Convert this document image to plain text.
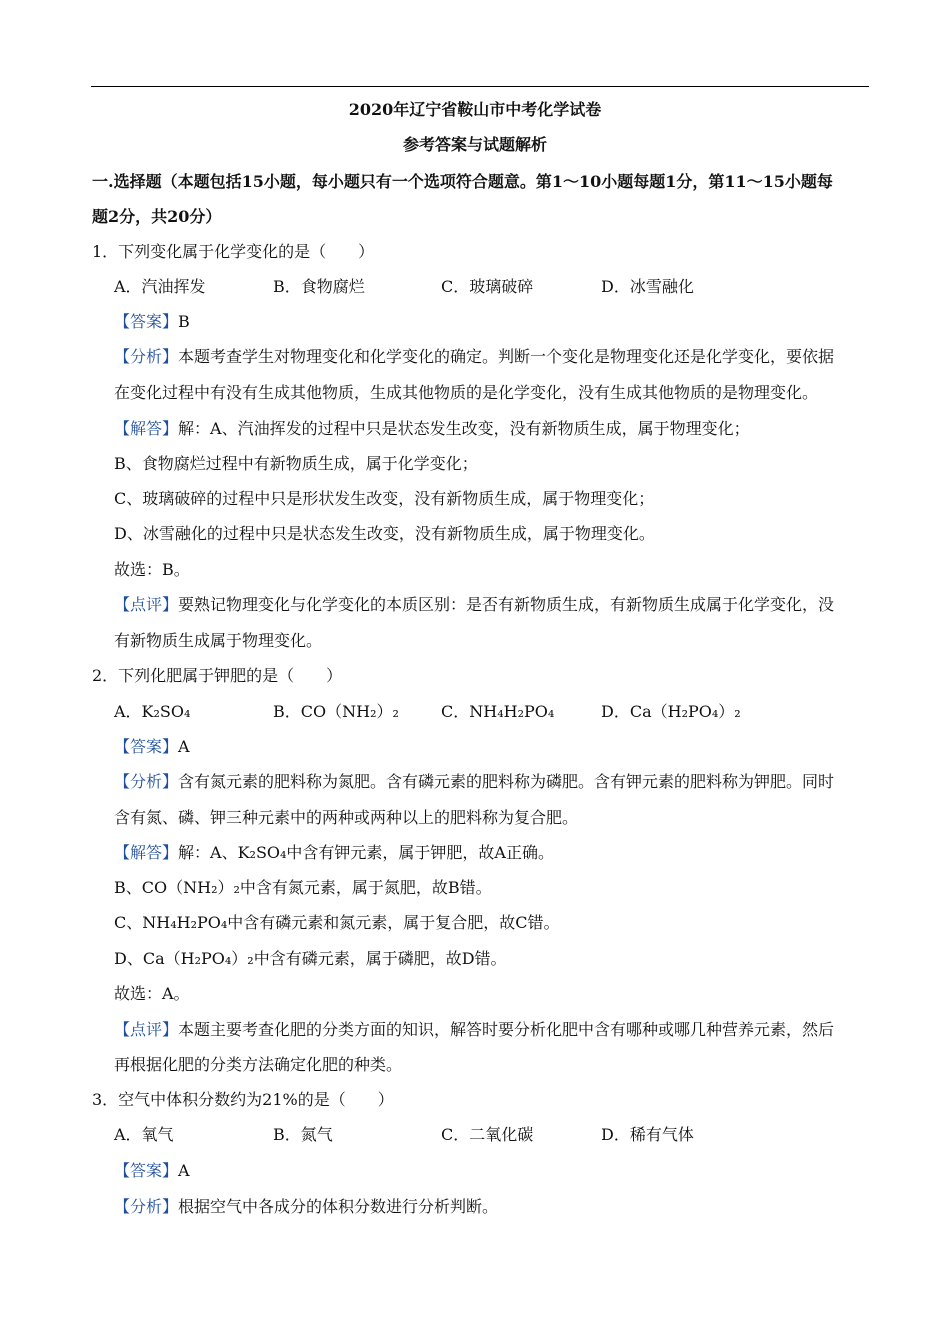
2020年辽宁省鞍山市中考化学试卷
参考答案与试题解析
一.选择题（本题包括15小题，每小题只有一个选项符合题意。第1～10小题每题1分，第11～15小题每
题2分，共20分）
1．下列变化属于化学变化的是（　　）
A．汽油挥发	B．食物腐烂	C．玻璃破碎	D．冰雪融化
【答案】B
【分析】本题考查学生对物理变化和化学变化的确定。判断一个变化是物理变化还是化学变化，要依据
在变化过程中有没有生成其他物质，生成其他物质的是化学变化，没有生成其他物质的是物理变化。
【解答】解：A、汽油挥发的过程中只是状态发生改变，没有新物质生成，属于物理变化；
B、食物腐烂过程中有新物质生成，属于化学变化；
C、玻璃破碎的过程中只是形状发生改变，没有新物质生成，属于物理变化；
D、冰雪融化的过程中只是状态发生改变，没有新物质生成，属于物理变化。
故选：B。
【点评】要熟记物理变化与化学变化的本质区别：是否有新物质生成，有新物质生成属于化学变化，没
有新物质生成属于物理变化。
2．下列化肥属于钾肥的是（　　）
A．K₂SO₄	B．CO（NH₂）₂	C．NH₄H₂PO₄	D．Ca（H₂PO₄）₂
【答案】A
【分析】含有氮元素的肥料称为氮肥。含有磷元素的肥料称为磷肥。含有钾元素的肥料称为钾肥。同时
含有氮、磷、钾三种元素中的两种或两种以上的肥料称为复合肥。
【解答】解：A、K₂SO₄中含有钾元素，属于钾肥，故A正确。
B、CO（NH₂）₂中含有氮元素，属于氮肥，故B错。
C、NH₄H₂PO₄中含有磷元素和氮元素，属于复合肥，故C错。
D、Ca（H₂PO₄）₂中含有磷元素，属于磷肥，故D错。
故选：A。
【点评】本题主要考查化肥的分类方面的知识，解答时要分析化肥中含有哪种或哪几种营养元素，然后
再根据化肥的分类方法确定化肥的种类。
3．空气中体积分数约为21%的是（　　）
A．氧气	B．氮气	C．二氧化碳	D．稀有气体
【答案】A
【分析】根据空气中各成分的体积分数进行分析判断。
